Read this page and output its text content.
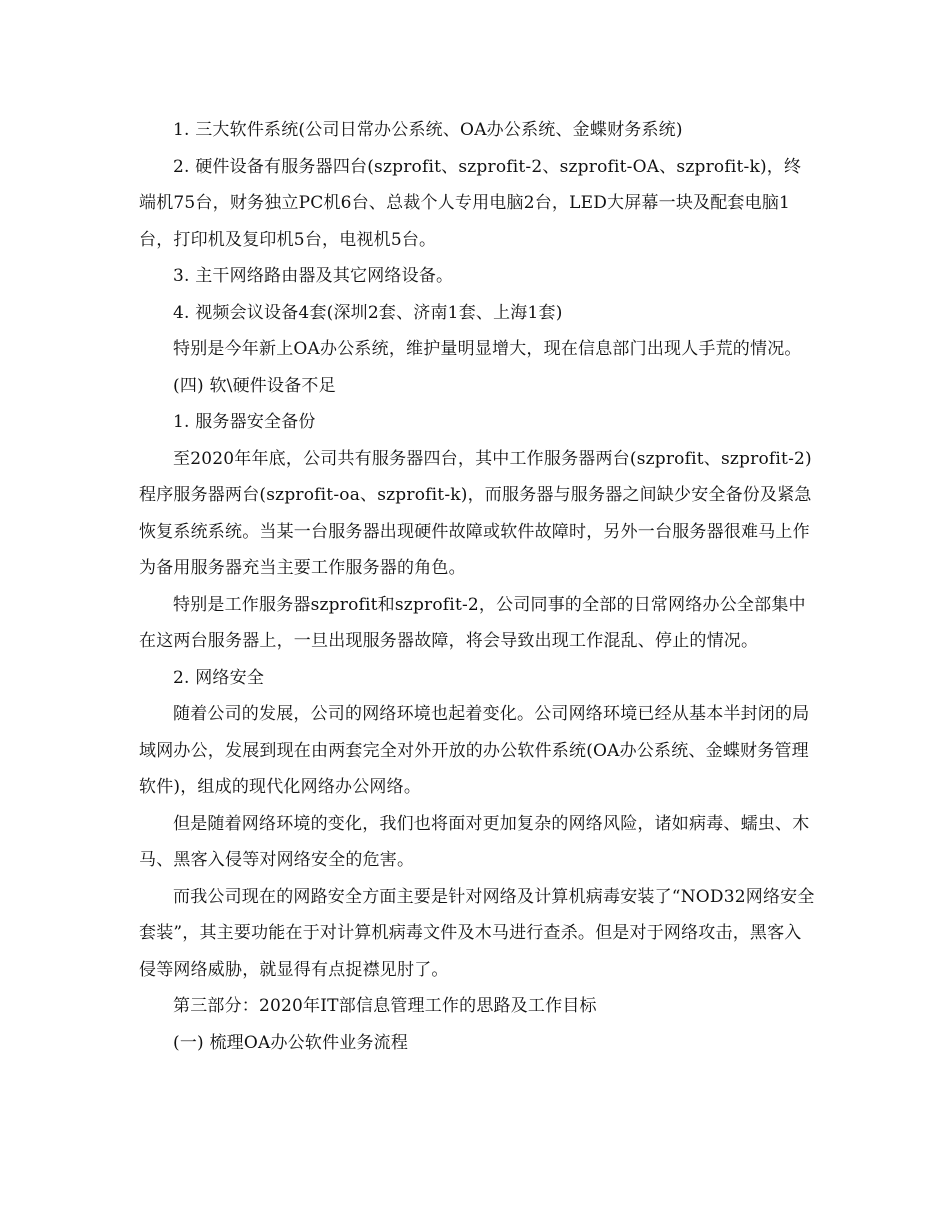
1. 三大软件系统(公司日常办公系统、OA办公系统、金蝶财务系统)

2. 硬件设备有服务器四台(szprofit、szprofit-2、szprofit-OA、szprofit-k)，终端机75台，财务独立PC机6台、总裁个人专用电脑2台，LED大屏幕一块及配套电脑1台，打印机及复印机5台，电视机5台。

3. 主干网络路由器及其它网络设备。

4. 视频会议设备4套(深圳2套、济南1套、上海1套)

特别是今年新上OA办公系统，维护量明显增大，现在信息部门出现人手荒的情况。

(四) 软\硬件设备不足

1. 服务器安全备份

至2020年年底，公司共有服务器四台，其中工作服务器两台(szprofit、szprofit-2)程序服务器两台(szprofit-oa、szprofit-k)，而服务器与服务器之间缺少安全备份及紧急恢复系统系统。当某一台服务器出现硬件故障或软件故障时，另外一台服务器很难马上作为备用服务器充当主要工作服务器的角色。

特别是工作服务器szprofit和szprofit-2，公司同事的全部的日常网络办公全部集中在这两台服务器上，一旦出现服务器故障，将会导致出现工作混乱、停止的情况。

2. 网络安全

随着公司的发展，公司的网络环境也起着变化。公司网络环境已经从基本半封闭的局域网办公，发展到现在由两套完全对外开放的办公软件系统(OA办公系统、金蝶财务管理软件)，组成的现代化网络办公网络。

但是随着网络环境的变化，我们也将面对更加复杂的网络风险，诸如病毒、蠕虫、木马、黑客入侵等对网络安全的危害。

而我公司现在的网路安全方面主要是针对网络及计算机病毒安装了“NOD32网络安全套装”，其主要功能在于对计算机病毒文件及木马进行查杀。但是对于网络攻击，黑客入侵等网络威胁，就显得有点捉襟见肘了。

第三部分：2020年IT部信息管理工作的思路及工作目标

(一) 梳理OA办公软件业务流程
